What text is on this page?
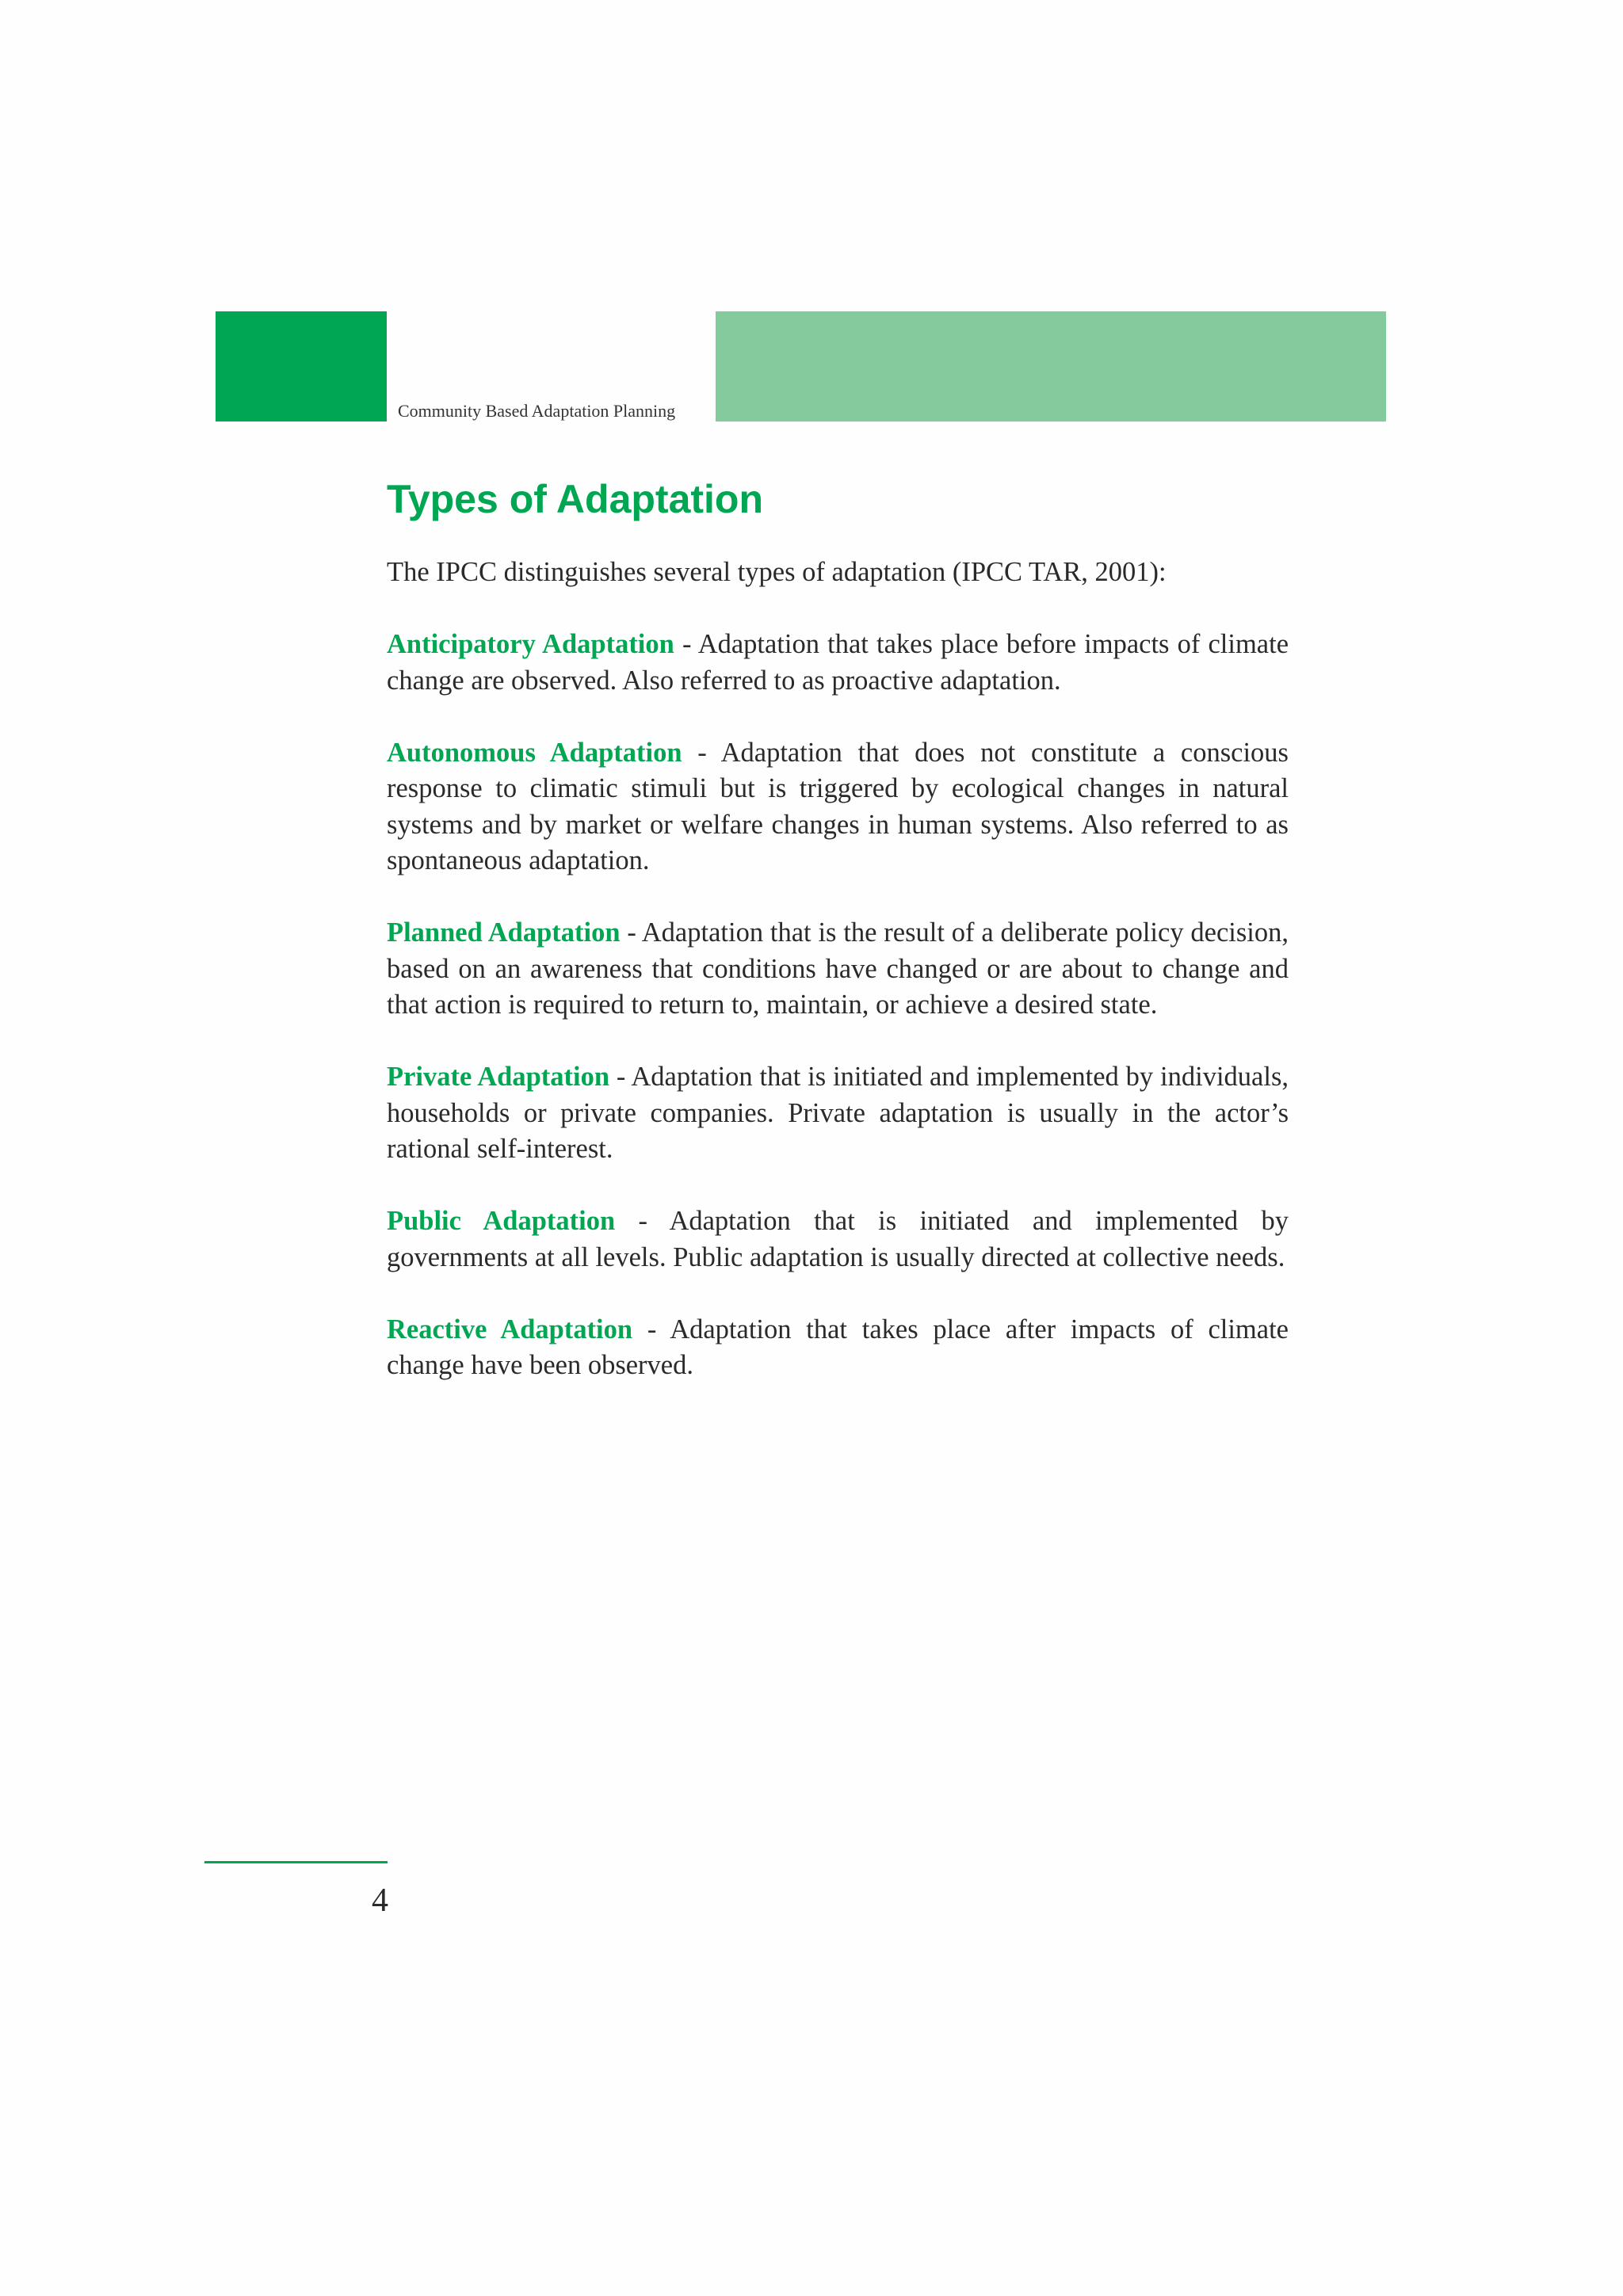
Community Based Adaptation Planning
Types of Adaptation

The IPCC distinguishes several types of adaptation (IPCC TAR, 2001):

Anticipatory Adaptation - Adaptation that takes place before impacts of climate change are observed. Also referred to as proactive adaptation.

Autonomous Adaptation - Adaptation that does not constitute a conscious response to climatic stimuli but is triggered by ecological changes in natural systems and by market or welfare changes in human systems. Also referred to as spontaneous adaptation.

Planned Adaptation - Adaptation that is the result of a deliberate policy decision, based on an awareness that conditions have changed or are about to change and that action is required to return to, maintain, or achieve a desired state.

Private Adaptation - Adaptation that is initiated and implemented by individuals, households or private companies. Private adaptation is usually in the actor’s rational self-interest.

Public Adaptation - Adaptation that is initiated and implemented by governments at all levels. Public adaptation is usually directed at collective needs.

Reactive Adaptation - Adaptation that takes place after impacts of climate change have been observed.

4
